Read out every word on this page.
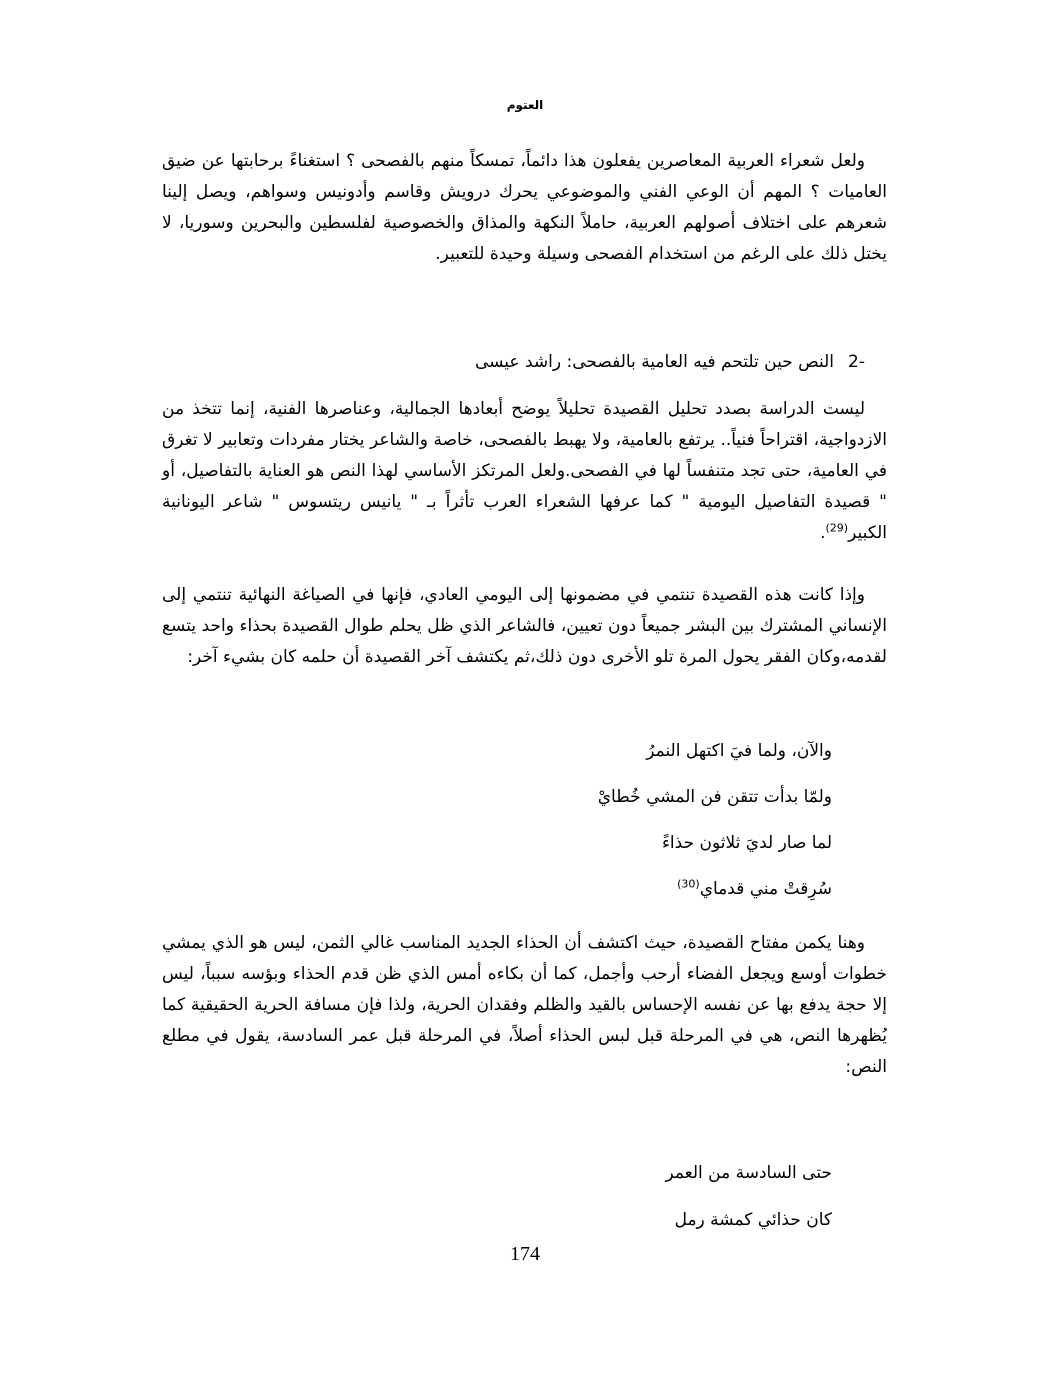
العتوم

ولعل شعراء العربية المعاصرين يفعلون هذا دائماً، تمسكاً منهم بالفصحى ؟ استغناءً برحابتها عن ضيق العاميات ؟ المهم أن الوعي الفني والموضوعي يحرك درويش وقاسم وأدونيس وسواهم، ويصل إلينا شعرهم على اختلاف أصولهم العربية، حاملاً النكهة والمذاق والخصوصية لفلسطين والبحرين وسوريا، لا يختل ذلك على الرغم من استخدام الفصحى وسيلة وحيدة للتعبير.

-2النص حين تلتحم فيه العامية بالفصحى: راشد عيسى

ليست الدراسة بصدد تحليل القصيدة تحليلاً يوضح أبعادها الجمالية، وعناصرها الفنية، إنما تتخذ من الازدواجية، اقتراحاً فنياً.. يرتفع بالعامية، ولا يهبط بالفصحى، خاصة والشاعر يختار مفردات وتعابير لا تغرق في العامية، حتى تجد متنفساً لها في الفصحى.ولعل المرتكز الأساسي لهذا النص هو العناية بالتفاصيل، أو " قصيدة التفاصيل اليومية " كما عرفها الشعراء العرب تأثراً بـ " يانيس ريتسوس " شاعر اليونانية الكبير$^{(29)}$.

وإذا كانت هذه القصيدة تنتمي في مضمونها إلى اليومي العادي، فإنها في الصياغة النهائية تنتمي إلى الإنساني المشترك بين البشر جميعاً دون تعيين، فالشاعر الذي ظل يحلم طوال القصيدة بحذاء واحد يتسع لقدمه،وكان الفقر يحول المرة تلو الأخرى دون ذلك،ثم يكتشف آخر القصيدة أن حلمه كان بشيء آخر:

والآن، ولما فيَ اكتهل النمرُ
ولمّا بدأت تتقن فن المشي خُطايْ
لما صار لديَ ثلاثون حذاءً
سُرِقتْ مني قدماي$^{(30)}$

وهنا يكمن مفتاح القصيدة، حيث اكتشف أن الحذاء الجديد المناسب غالي الثمن، ليس هو الذي يمشي خطوات أوسع ويجعل الفضاء أرحب وأجمل، كما أن بكاءه أمس الذي ظن قدم الحذاء وبؤسه سبباً، ليس إلا حجة يدفع بها عن نفسه الإحساس بالقيد والظلم وفقدان الحرية، ولذا فإن مسافة الحرية الحقيقية كما يُظهرها النص، هي في المرحلة قبل لبس الحذاء أصلاً، في المرحلة قبل عمر السادسة، يقول في مطلع النص:

حتى السادسة من العمر
كان حذائي كمشة رمل
174
